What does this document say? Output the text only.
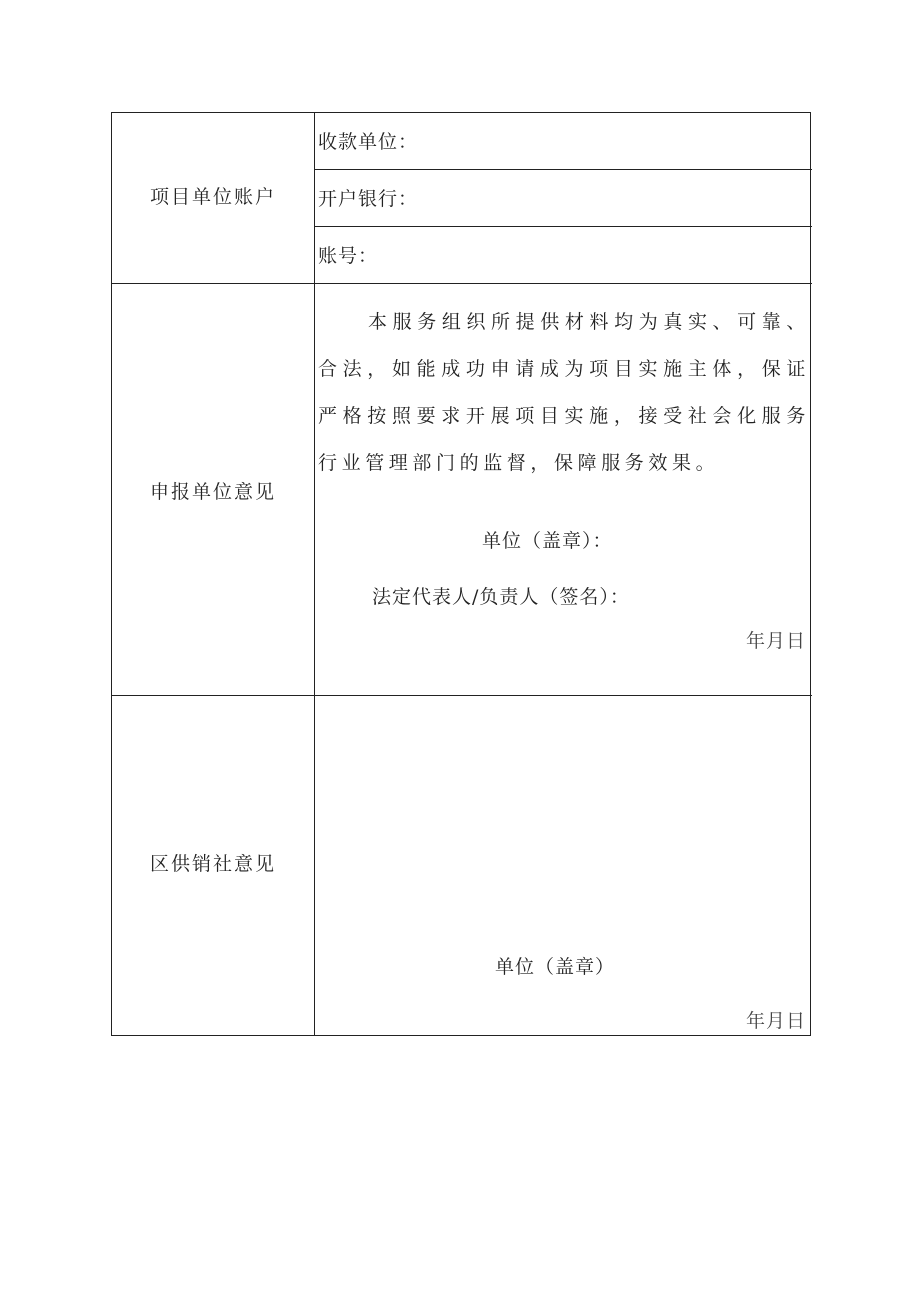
项目单位账户
收款单位：
开户银行：
账号：
申报单位意见
本服务组织所提供材料均为真实、可靠、合法，如能成功申请成为项目实施主体，保证严格按照要求开展项目实施，接受社会化服务行业管理部门的监督，保障服务效果。
单位（盖章）：
法定代表人/负责人（签名）：
年月日
区供销社意见
单位（盖章）
年月日
